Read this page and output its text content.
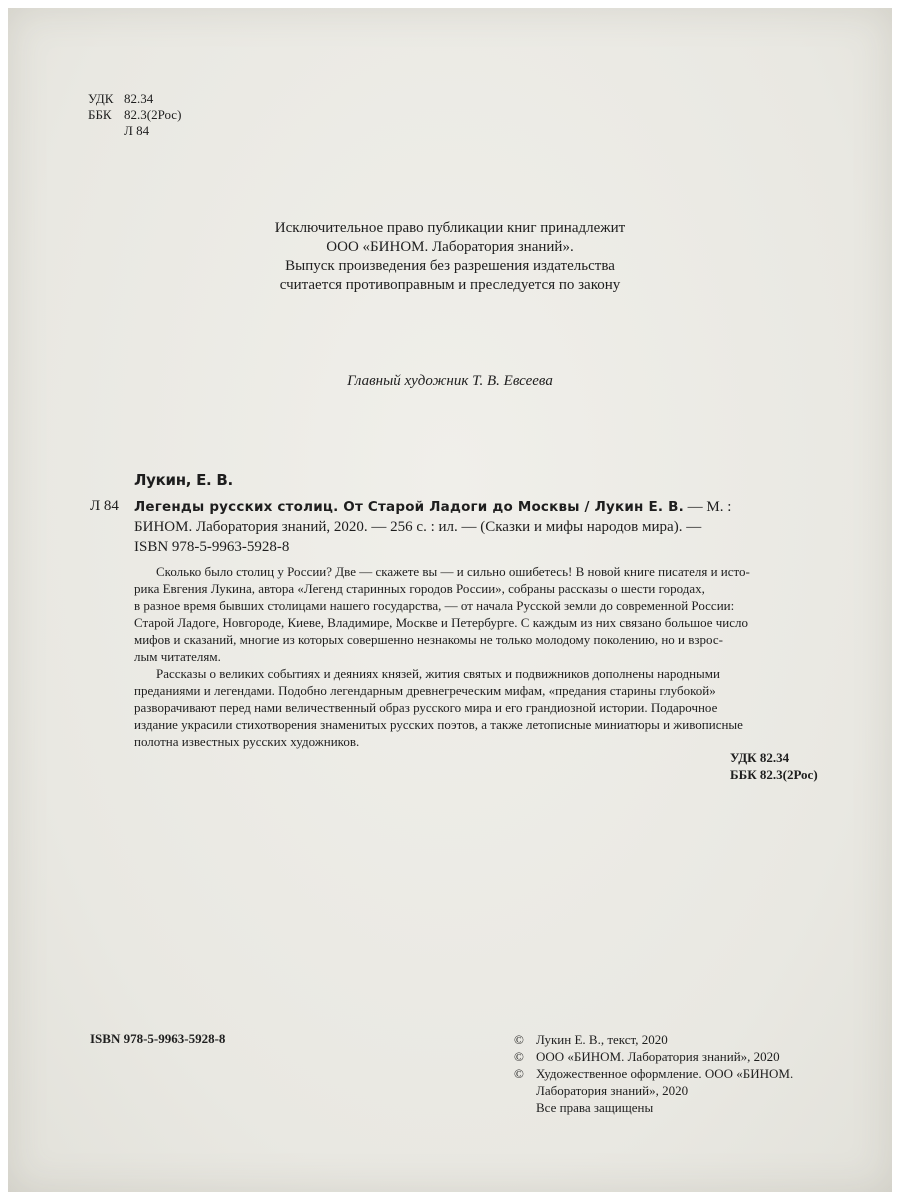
УДК 82.34
ББК 82.3(2Рос)
Л 84
Исключительное право публикации книг принадлежит
ООО «БИНОМ. Лаборатория знаний».
Выпуск произведения без разрешения издательства
считается противоправным и преследуется по закону
Главный художник Т. В. Евсеева
Лукин, Е. В.
Л 84 Легенды русских столиц. От Старой Ладоги до Москвы / Лукин Е. В. — М. :
БИНОМ. Лаборатория знаний, 2020. — 256 с. : ил. — (Сказки и мифы народов мира). —
ISBN 978-5-9963-5928-8
Сколько было столиц у России? Две — скажете вы — и сильно ошибетесь! В новой книге писателя и исто-
рика Евгения Лукина, автора «Легенд старинных городов России», собраны рассказы о шести городах,
в разное время бывших столицами нашего государства, — от начала Русской земли до современной России:
Старой Ладоге, Новгороде, Киеве, Владимире, Москве и Петербурге. С каждым из них связано большое число
мифов и сказаний, многие из которых совершенно незнакомы не только молодому поколению, но и взрос-
лым читателям.
Рассказы о великих событиях и деяниях князей, жития святых и подвижников дополнены народными
преданиями и легендами. Подобно легендарным древнегреческим мифам, «предания старины глубокой»
разворачивают перед нами величественный образ русского мира и его грандиозной истории. Подарочное
издание украсили стихотворения знаменитых русских поэтов, а также летописные миниатюры и живописные
полотна известных русских художников.
УДК 82.34
ББК 82.3(2Рос)
ISBN 978-5-9963-5928-8	© Лукин Е. В., текст, 2020
© ООО «БИНОМ. Лаборатория знаний», 2020
© Художественное оформление. ООО «БИНОМ.
Лаборатория знаний», 2020
Все права защищены
